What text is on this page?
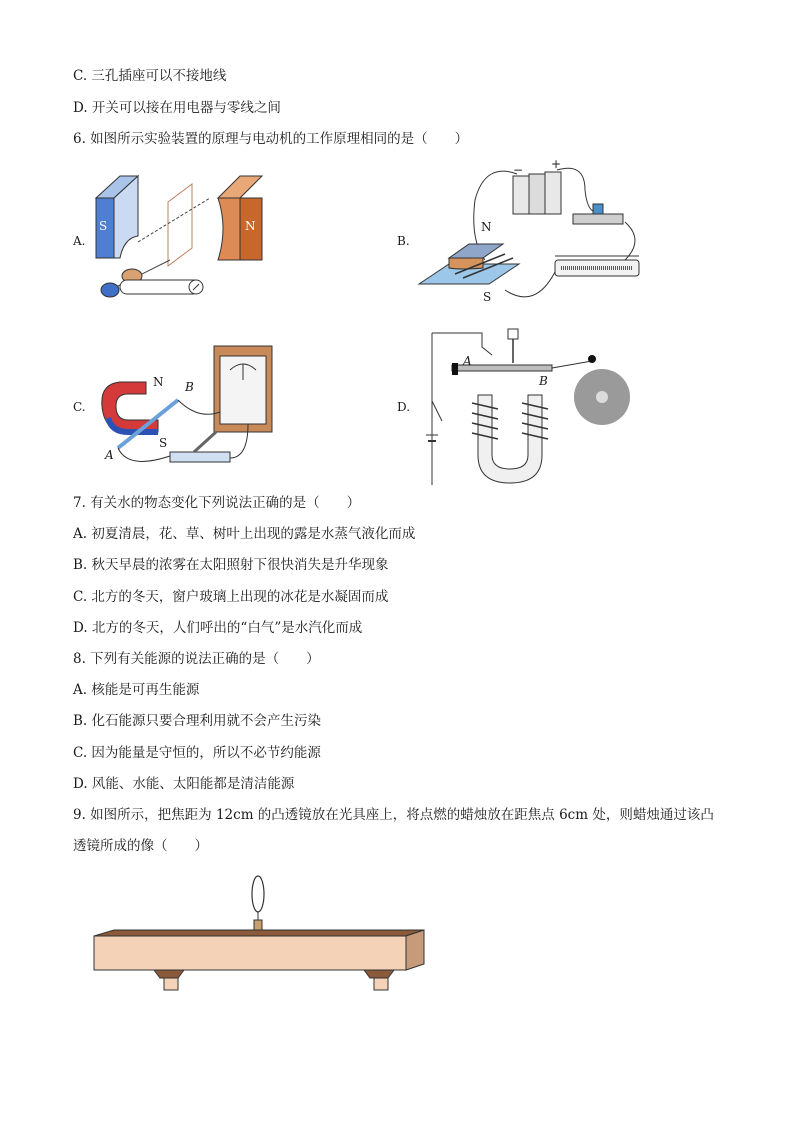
C. 三孔插座可以不接地线
D. 开关可以接在用电器与零线之间
6. 如图所示实验装置的原理与电动机的工作原理相同的是（　　）
A.	B.
C.	D.
S	N	N
S
− +
N
S
A
B
A
B
7. 有关水的物态变化下列说法正确的是（　　）
A. 初夏清晨，花、草、树叶上出现的露是水蒸气液化而成
B. 秋天早晨的浓雾在太阳照射下很快消失是升华现象
C. 北方的冬天，窗户玻璃上出现的冰花是水凝固而成
D. 北方的冬天，人们呼出的“白气”是水汽化而成
8. 下列有关能源的说法正确的是（　　）
A. 核能是可再生能源
B. 化石能源只要合理利用就不会产生污染
C. 因为能量是守恒的，所以不必节约能源
D. 风能、水能、太阳能都是清洁能源
9. 如图所示，把焦距为 12cm 的凸透镜放在光具座上，将点燃的蜡烛放在距焦点 6cm 处，则蜡烛通过该凸
透镜所成的像（　　）
